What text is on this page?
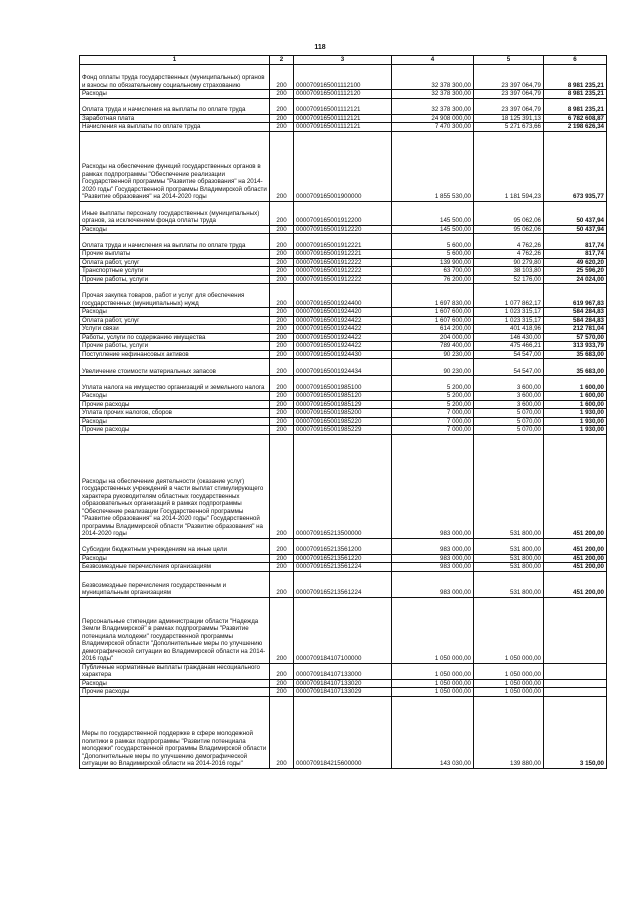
118
1	2	3	4	5	6
Фонд оплаты труда государственных (муниципальных) органов и взносы по обязательному социальному страхованию	200	0000709165001112100	32 378 300,00	23 397 064,79	8 981 235,21
Расходы	200	0000709165001112120	32 378 300,00	23 397 064,79	8 981 235,21
Оплата труда и начисления на выплаты по оплате труда	200	0000709165001112121	32 378 300,00	23 397 064,79	8 981 235,21
Заработная плата	200	0000709165001112121	24 908 000,00	18 125 391,13	6 782 608,87
Начисления на выплаты по оплате труда	200	0000709165001112121	7 470 300,00	5 271 673,66	2 198 626,34
Расходы на обеспечение функций государственных органов в рамках подпрограммы "Обеспечение реализации Государственной программы "Развитие образования" на 2014-2020 годы" Государственной программы Владимирской области "Развитие образования" на 2014-2020 годы	200	0000709165001900000	1 855 530,00	1 181 594,23	673 935,77
Иные выплаты персоналу государственных (муниципальных) органов, за исключением фонда оплаты труда	200	0000709165001912200	145 500,00	95 062,06	50 437,94
Расходы	200	0000709165001912220	145 500,00	95 062,06	50 437,94
Оплата труда и начисления на выплаты по оплате труда	200	0000709165001912221	5 600,00	4 762,26	817,74
Прочие выплаты	200	0000709165001912221	5 600,00	4 762,26	817,74
Оплата работ, услуг	200	0000709165001912222	139 900,00	90 279,80	49 620,20
Транспортные услуги	200	0000709165001912222	63 700,00	38 103,80	25 596,20
Прочие работы, услуги	200	0000709165001912222	76 200,00	52 176,00	24 024,00
Прочая закупка товаров, работ и услуг для обеспечения государственных (муниципальных) нужд	200	0000709165001924400	1 697 830,00	1 077 862,17	619 967,83
Расходы	200	0000709165001924420	1 607 600,00	1 023 315,17	584 284,83
Оплата работ, услуг	200	0000709165001924422	1 607 600,00	1 023 315,17	584 284,83
Услуги связи	200	0000709165001924422	614 200,00	401 418,96	212 781,04
Работы, услуги по содержанию имущества	200	0000709165001924422	204 000,00	146 430,00	57 570,00
Прочие работы, услуги	200	0000709165001924422	789 400,00	475 466,21	313 933,79
Поступление нефинансовых активов	200	0000709165001924430	90 230,00	54 547,00	35 683,00
Увеличение стоимости материальных запасов	200	0000709165001924434	90 230,00	54 547,00	35 683,00
Уплата налога на имущество организаций и земельного налога	200	0000709165001985100	5 200,00	3 600,00	1 600,00
Расходы	200	0000709165001985120	5 200,00	3 600,00	1 600,00
Прочие расходы	200	0000709165001985129	5 200,00	3 600,00	1 600,00
Уплата прочих налогов, сборов	200	0000709165001985200	7 000,00	5 070,00	1 930,00
Расходы	200	0000709165001985220	7 000,00	5 070,00	1 930,00
Прочие расходы	200	0000709165001985229	7 000,00	5 070,00	1 930,00
Расходы на обеспечение деятельности (оказание услуг) государственных учреждений в части выплат стимулирующего характера руководителям областных государственных образовательных организаций в рамках подпрограммы "Обеспечение реализации Государственной программы "Развитие образования" на 2014-2020 годы" Государственной программы Владимирской области "Развитие образования" на 2014-2020 годы	200	0000709165213500000	983 000,00	531 800,00	451 200,00
Субсидии бюджетным учреждениям на иные цели	200	0000709165213561200	983 000,00	531 800,00	451 200,00
Расходы	200	0000709165213561220	983 000,00	531 800,00	451 200,00
Безвозмездные перечисления организациям	200	0000709165213561224	983 000,00	531 800,00	451 200,00
Безвозмездные перечисления государственным и муниципальным организациям	200	0000709165213561224	983 000,00	531 800,00	451 200,00
Персональные стипендии администрации области "Надежда Земли Владимирской" в рамках подпрограммы "Развитие потенциала молодежи" государственной программы Владимирской области "Дополнительные меры по улучшению демографической ситуации во Владимирской области на 2014-2016 годы"	200	0000709184107100000	1 050 000,00	1 050 000,00	
Публичные нормативные выплаты гражданам несоциального характера	200	0000709184107133000	1 050 000,00	1 050 000,00	
Расходы	200	0000709184107133020	1 050 000,00	1 050 000,00	
Прочие расходы	200	0000709184107133029	1 050 000,00	1 050 000,00	
Меры по государственной поддержке в сфере молодежной политики в рамках подпрограммы "Развитие потенциала молодежи" государственной программы Владимирской области "Дополнительные меры по улучшению демографической ситуации во Владимирской области на 2014-2016 годы"	200	0000709184215600000	143 030,00	139 880,00	3 150,00
